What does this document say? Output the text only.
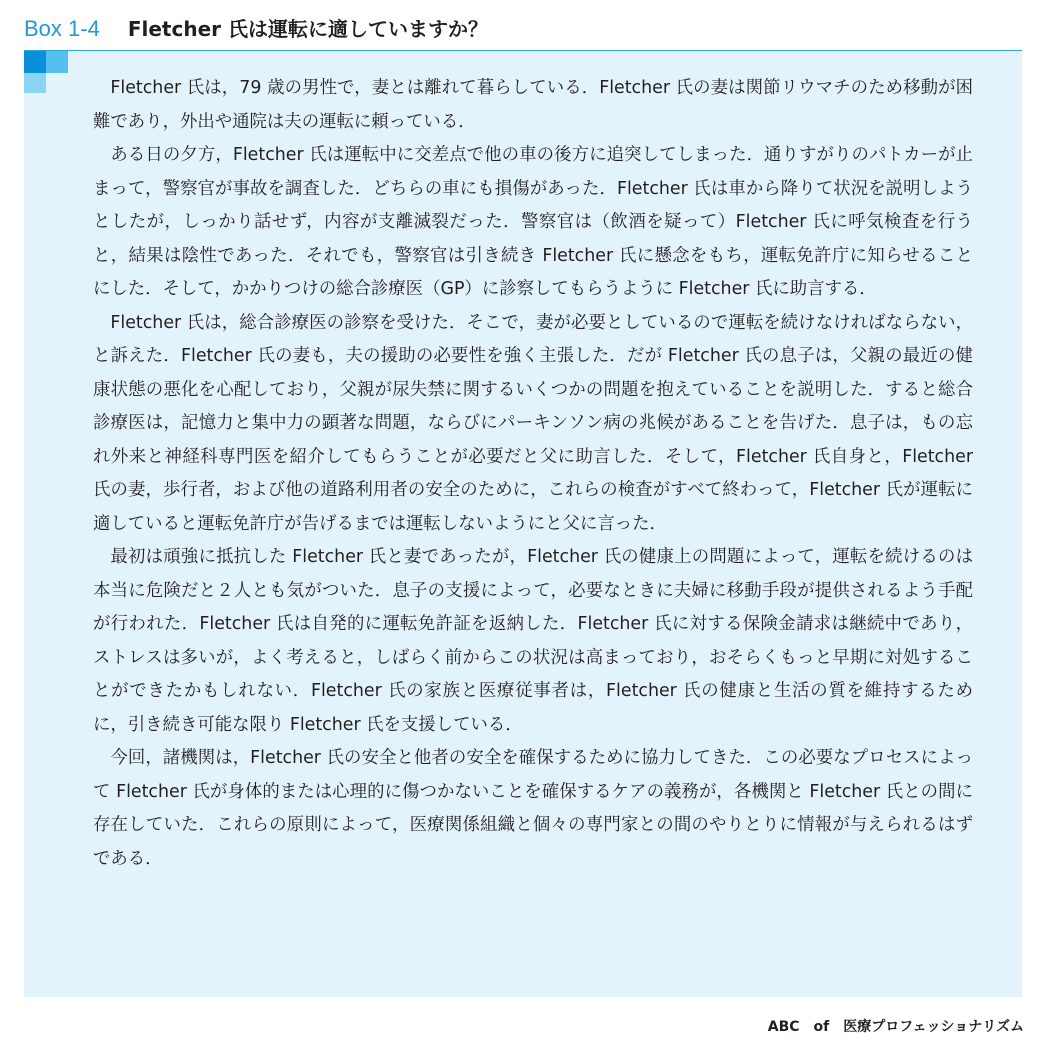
Box 1-4 Fletcher 氏は運転に適していますか？

Fletcher 氏は，79 歳の男性で，妻とは離れて暮らしている．Fletcher 氏の妻は関節リウマチのため移動が困難であり，外出や通院は夫の運転に頼っている．

ある日の夕方，Fletcher 氏は運転中に交差点で他の車の後方に追突してしまった．通りすがりのパトカーが止まって，警察官が事故を調査した．どちらの車にも損傷があった．Fletcher 氏は車から降りて状況を説明しようとしたが，しっかり話せず，内容が支離滅裂だった．警察官は（飲酒を疑って）Fletcher 氏に呼気検査を行うと，結果は陰性であった．それでも，警察官は引き続き Fletcher 氏に懸念をもち，運転免許庁に知らせることにした．そして，かかりつけの総合診療医（GP）に診察してもらうように Fletcher 氏に助言する．

Fletcher 氏は，総合診療医の診察を受けた．そこで，妻が必要としているので運転を続けなければならない，と訴えた．Fletcher 氏の妻も，夫の援助の必要性を強く主張した．だが Fletcher 氏の息子は，父親の最近の健康状態の悪化を心配しており，父親が尿失禁に関するいくつかの問題を抱えていることを説明した．すると総合診療医は，記憶力と集中力の顕著な問題，ならびにパーキンソン病の兆候があることを告げた．息子は，もの忘れ外来と神経科専門医を紹介してもらうことが必要だと父に助言した．そして，Fletcher 氏自身と，Fletcher 氏の妻，歩行者，および他の道路利用者の安全のために，これらの検査がすべて終わって，Fletcher 氏が運転に適していると運転免許庁が告げるまでは運転しないようにと父に言った．

最初は頑強に抵抗した Fletcher 氏と妻であったが，Fletcher 氏の健康上の問題によって，運転を続けるのは本当に危険だと２人とも気がついた．息子の支援によって，必要なときに夫婦に移動手段が提供されるよう手配が行われた．Fletcher 氏は自発的に運転免許証を返納した．Fletcher 氏に対する保険金請求は継続中であり，ストレスは多いが，よく考えると，しばらく前からこの状況は高まっており，おそらくもっと早期に対処することができたかもしれない．Fletcher 氏の家族と医療従事者は，Fletcher 氏の健康と生活の質を維持するために，引き続き可能な限り Fletcher 氏を支援している．

今回，諸機関は，Fletcher 氏の安全と他者の安全を確保するために協力してきた．この必要なプロセスによって Fletcher 氏が身体的または心理的に傷つかないことを確保するケアの義務が，各機関と Fletcher 氏との間に存在していた．これらの原則によって，医療関係組織と個々の専門家との間のやりとりに情報が与えられるはずである．

ABC　of　医療プロフェッショナリズム
